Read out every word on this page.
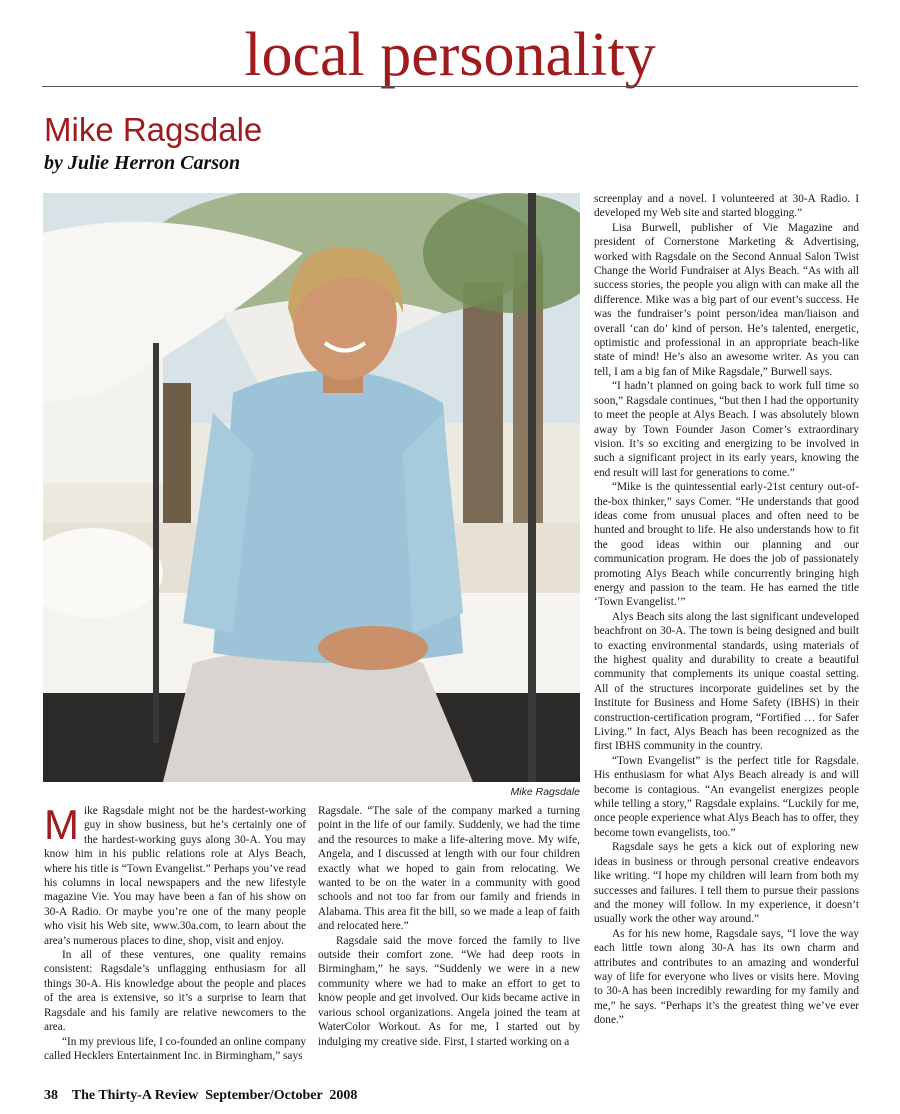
local personality
Mike Ragsdale
by Julie Herron Carson
Mike Ragsdale

Mike Ragsdale might not be the hardest-working guy in show business, but he’s certainly one of the hardest-working guys along 30-A. You may know him in his public relations role at Alys Beach, where his title is “Town Evangelist.” Perhaps you’ve read his columns in local newspapers and the new lifestyle magazine Vie. You may have been a fan of his show on 30-A Radio. Or maybe you’re one of the many people who visit his Web site, www.30a.com, to learn about the area’s numerous places to dine, shop, visit and enjoy.

In all of these ventures, one quality remains consistent: Ragsdale’s unflagging enthusiasm for all things 30-A. His knowledge about the people and places of the area is extensive, so it’s a surprise to learn that Ragsdale and his family are relative newcomers to the area.

“In my previous life, I co-founded an online company called Hecklers Entertainment Inc. in Birmingham,” says

Ragsdale. “The sale of the company marked a turning point in the life of our family. Suddenly, we had the time and the resources to make a life-altering move. My wife, Angela, and I discussed at length with our four children exactly what we hoped to gain from relocating. We wanted to be on the water in a community with good schools and not too far from our family and friends in Alabama. This area fit the bill, so we made a leap of faith and relocated here.”

Ragsdale said the move forced the family to live outside their comfort zone. “We had deep roots in Birmingham,” he says. “Suddenly we were in a new community where we had to make an effort to get to know people and get involved. Our kids became active in various school organizations. Angela joined the team at WaterColor Workout. As for me, I started out by indulging my creative side. First, I started working on a

screenplay and a novel. I volunteered at 30-A Radio. I developed my Web site and started blogging.”

Lisa Burwell, publisher of Vie Magazine and president of Cornerstone Marketing & Advertising, worked with Ragsdale on the Second Annual Salon Twist Change the World Fundraiser at Alys Beach. “As with all success stories, the people you align with can make all the difference. Mike was a big part of our event’s success. He was the fundraiser’s point person/idea man/liaison and overall ‘can do’ kind of person. He’s talented, energetic, optimistic and professional in an appropriate beach-like state of mind! He’s also an awesome writer. As you can tell, I am a big fan of Mike Ragsdale,” Burwell says.

“I hadn’t planned on going back to work full time so soon,” Ragsdale continues, “but then I had the opportunity to meet the people at Alys Beach. I was absolutely blown away by Town Founder Jason Comer’s extraordinary vision. It’s so exciting and energizing to be involved in such a significant project in its early years, knowing the end result will last for generations to come.”

“Mike is the quintessential early-21st century out-of-the-box thinker,” says Comer. “He understands that good ideas come from unusual places and often need to be hunted and brought to life. He also understands how to fit the good ideas within our planning and our communication program. He does the job of passionately promoting Alys Beach while concurrently bringing high energy and passion to the team. He has earned the title ‘Town Evangelist.’”

Alys Beach sits along the last significant undeveloped beachfront on 30-A. The town is being designed and built to exacting environmental standards, using materials of the highest quality and durability to create a beautiful community that complements its unique coastal setting. All of the structures incorporate guidelines set by the Institute for Business and Home Safety (IBHS) in their construction-certification program, “Fortified … for Safer Living.” In fact, Alys Beach has been recognized as the first IBHS community in the country.

“Town Evangelist” is the perfect title for Ragsdale. His enthusiasm for what Alys Beach already is and will become is contagious. “An evangelist energizes people while telling a story,” Ragsdale explains. “Luckily for me, once people experience what Alys Beach has to offer, they become town evangelists, too.”

Ragsdale says he gets a kick out of exploring new ideas in business or through personal creative endeavors like writing. “I hope my children will learn from both my successes and failures. I tell them to pursue their passions and the money will follow. In my experience, it doesn’t usually work the other way around.”

As for his new home, Ragsdale says, “I love the way each little town along 30-A has its own charm and attributes and contributes to an amazing and wonderful way of life for everyone who lives or visits here. Moving to 30-A has been incredibly rewarding for my family and me,” he says. “Perhaps it’s the greatest thing we’ve ever done.”

38 The Thirty-A Review September/October  2008
